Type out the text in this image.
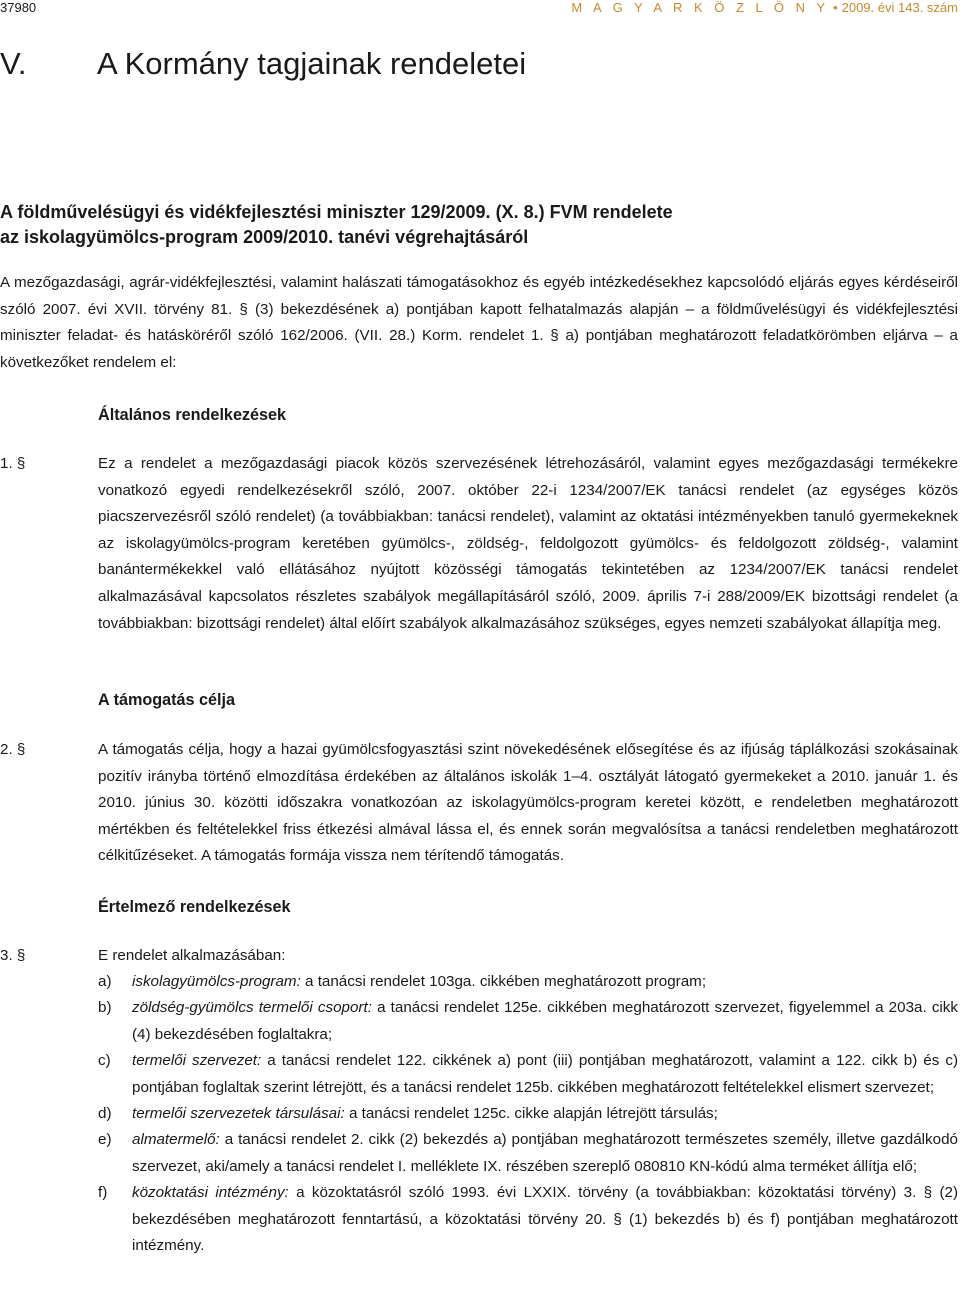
37980	M A G Y A R K Ö Z L Ö N Y • 2009. évi 143. szám
V. A Kormány tagjainak rendeletei
A földművelésügyi és vidékfejlesztési miniszter 129/2009. (X. 8.) FVM rendelete
az iskolagyümölcs-program 2009/2010. tanévi végrehajtásáról
A mezőgazdasági, agrár-vidékfejlesztési, valamint halászati támogatásokhoz és egyéb intézkedésekhez kapcsolódó eljárás egyes kérdéseiről szóló 2007. évi XVII. törvény 81. § (3) bekezdésének a) pontjában kapott felhatalmazás alapján – a földművelésügyi és vidékfejlesztési miniszter feladat- és hatásköréről szóló 162/2006. (VII. 28.) Korm. rendelet 1. § a) pontjában meghatározott feladatkörömben eljárva – a következőket rendelem el:
Általános rendelkezések
1. §	Ez a rendelet a mezőgazdasági piacok közös szervezésének létrehozásáról, valamint egyes mezőgazdasági termékekre vonatkozó egyedi rendelkezésekről szóló, 2007. október 22-i 1234/2007/EK tanácsi rendelet (az egységes közös piacszervezésről szóló rendelet) (a továbbiakban: tanácsi rendelet), valamint az oktatási intézményekben tanuló gyermekeknek az iskolagyümölcs-program keretében gyümölcs-, zöldség-, feldolgozott gyümölcs- és feldolgozott zöldség-, valamint banántermékekkel való ellátásához nyújtott közösségi támogatás tekintetében az 1234/2007/EK tanácsi rendelet alkalmazásával kapcsolatos részletes szabályok megállapításáról szóló, 2009. április 7-i 288/2009/EK bizottsági rendelet (a továbbiakban: bizottsági rendelet) által előírt szabályok alkalmazásához szükséges, egyes nemzeti szabályokat állapítja meg.
A támogatás célja
2. §	A támogatás célja, hogy a hazai gyümölcsfogyasztási szint növekedésének elősegítése és az ifjúság táplálkozási szokásainak pozitív irányba történő elmozdítása érdekében az általános iskolák 1–4. osztályát látogató gyermekeket a 2010. január 1. és 2010. június 30. közötti időszakra vonatkozóan az iskolagyümölcs-program keretei között, e rendeletben meghatározott mértékben és feltételekkel friss étkezési almával lássa el, és ennek során megvalósítsa a tanácsi rendeletben meghatározott célkitűzéseket. A támogatás formája vissza nem térítendő támogatás.
Értelmező rendelkezések
3. §	E rendelet alkalmazásában:
a) iskolagyümölcs-program: a tanácsi rendelet 103ga. cikkében meghatározott program;
b) zöldség-gyümölcs termelői csoport: a tanácsi rendelet 125e. cikkében meghatározott szervezet, figyelemmel a 203a. cikk (4) bekezdésében foglaltakra;
c) termelői szervezet: a tanácsi rendelet 122. cikkének a) pont (iii) pontjában meghatározott, valamint a 122. cikk b) és c) pontjában foglaltak szerint létrejött, és a tanácsi rendelet 125b. cikkében meghatározott feltételekkel elismert szervezet;
d) termelői szervezetek társulásai: a tanácsi rendelet 125c. cikke alapján létrejött társulás;
e) almatermelő: a tanácsi rendelet 2. cikk (2) bekezdés a) pontjában meghatározott természetes személy, illetve gazdálkodó szervezet, aki/amely a tanácsi rendelet I. melléklete IX. részében szereplő 080810 KN-kódú alma terméket állítja elő;
f) közoktatási intézmény: a közoktatásról szóló 1993. évi LXXIX. törvény (a továbbiakban: közoktatási törvény) 3. § (2) bekezdésében meghatározott fenntartású, a közoktatási törvény 20. § (1) bekezdés b) és f) pontjában meghatározott intézmény.
